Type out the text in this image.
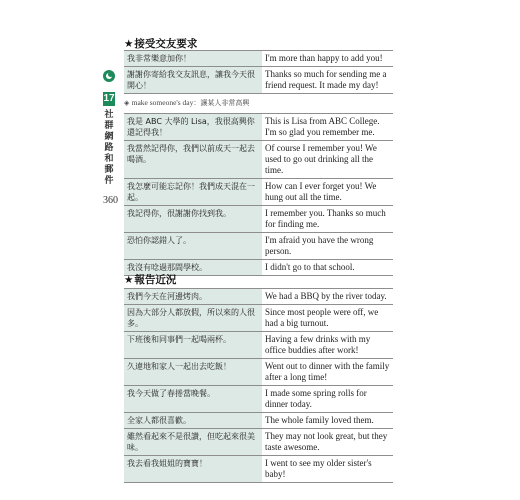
17
社群網路和郵件
360
★接受交友要求
我非常樂意加你！	I'm more than happy to add you!
謝謝你寄給我交友訊息，讓我今天很開心！	Thanks so much for sending me a friend request. It made my day!
◈ make someone's day：讓某人非常高興
我是 ABC 大學的 Lisa，我很高興你還記得我！	This is Lisa from ABC College. I'm so glad you remember me.
我當然記得你，我們以前成天一起去喝酒。	Of course I remember you! We used to go out drinking all the time.
我怎麼可能忘記你！我們成天混在一起。	How can I ever forget you! We hung out all the time.
我記得你，很謝謝你找到我。	I remember you. Thanks so much for finding me.
恐怕你認錯人了。	I'm afraid you have the wrong person.
我沒有唸過那間學校。	I didn't go to that school.
★報告近況
我們今天在河邊烤肉。	We had a BBQ by the river today.
因為大部分人都放假，所以來的人很多。	Since most people were off, we had a big turnout.
下班後和同事們一起喝兩杯。	Having a few drinks with my office buddies after work!
久違地和家人一起出去吃飯！	Went out to dinner with the family after a long time!
我今天做了春捲當晚餐。	I made some spring rolls for dinner today.
全家人都很喜歡。	The whole family loved them.
雖然看起來不是很讚，但吃起來很美味。	They may not look great, but they taste awesome.
我去看我姐姐的寶寶！	I went to see my older sister's baby!
